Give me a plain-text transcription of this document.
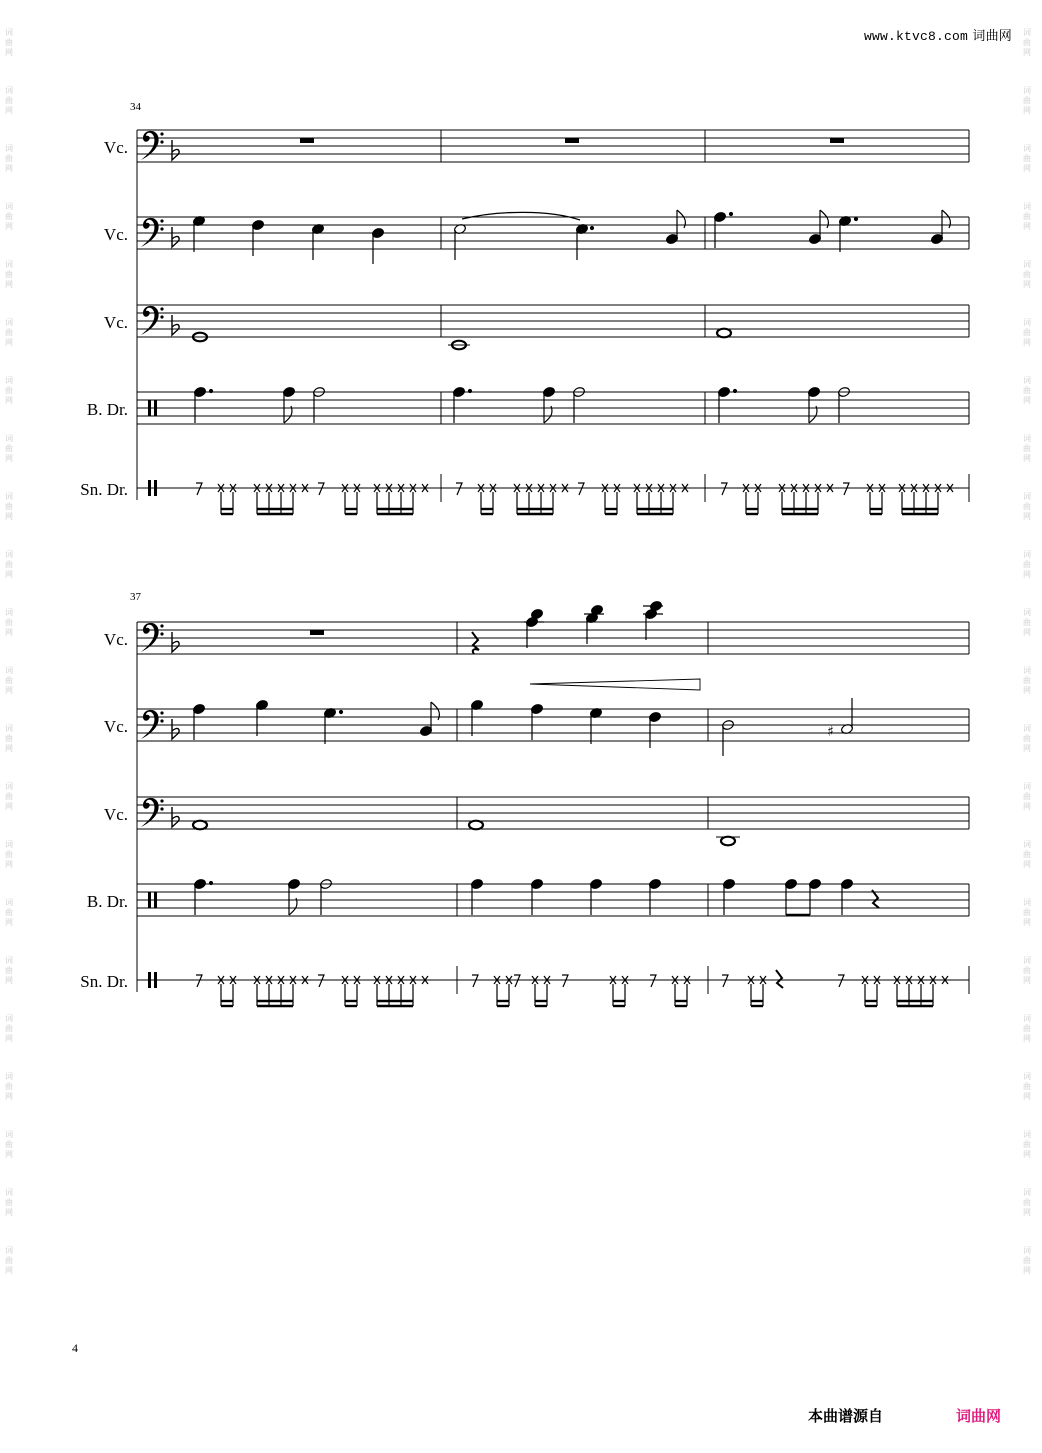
www.ktvc8.com 词曲网
词
曲
网
词
曲
网
词
曲
网
词
曲
网
词
曲
网
词
曲
网
词
曲
网
词
曲
网
词
曲
网
词
曲
网
词
曲
网
词
曲
网
词
曲
网
词
曲
网
词
曲
网
词
曲
网
词
曲
网
词
曲
网
词
曲
网
词
曲
网
词
曲
网
词
曲
网
词
曲
网
词
曲
网
词
曲
网
词
曲
网
词
曲
网
词
曲
网
词
曲
网
词
曲
网
词
曲
网
词
曲
网
词
曲
网
词
曲
网
词
曲
网
词
曲
网
词
曲
网
词
曲
网
词
曲
网
词
曲
网
词
曲
网
词
曲
网
词
曲
网
词
曲
网
34
Vc.
Vc.
Vc.
B. Dr.
Sn. Dr.
37
Vc.
Vc.	♯
Vc.
B. Dr.
Sn. Dr.
4
本曲谱源自	词曲网
